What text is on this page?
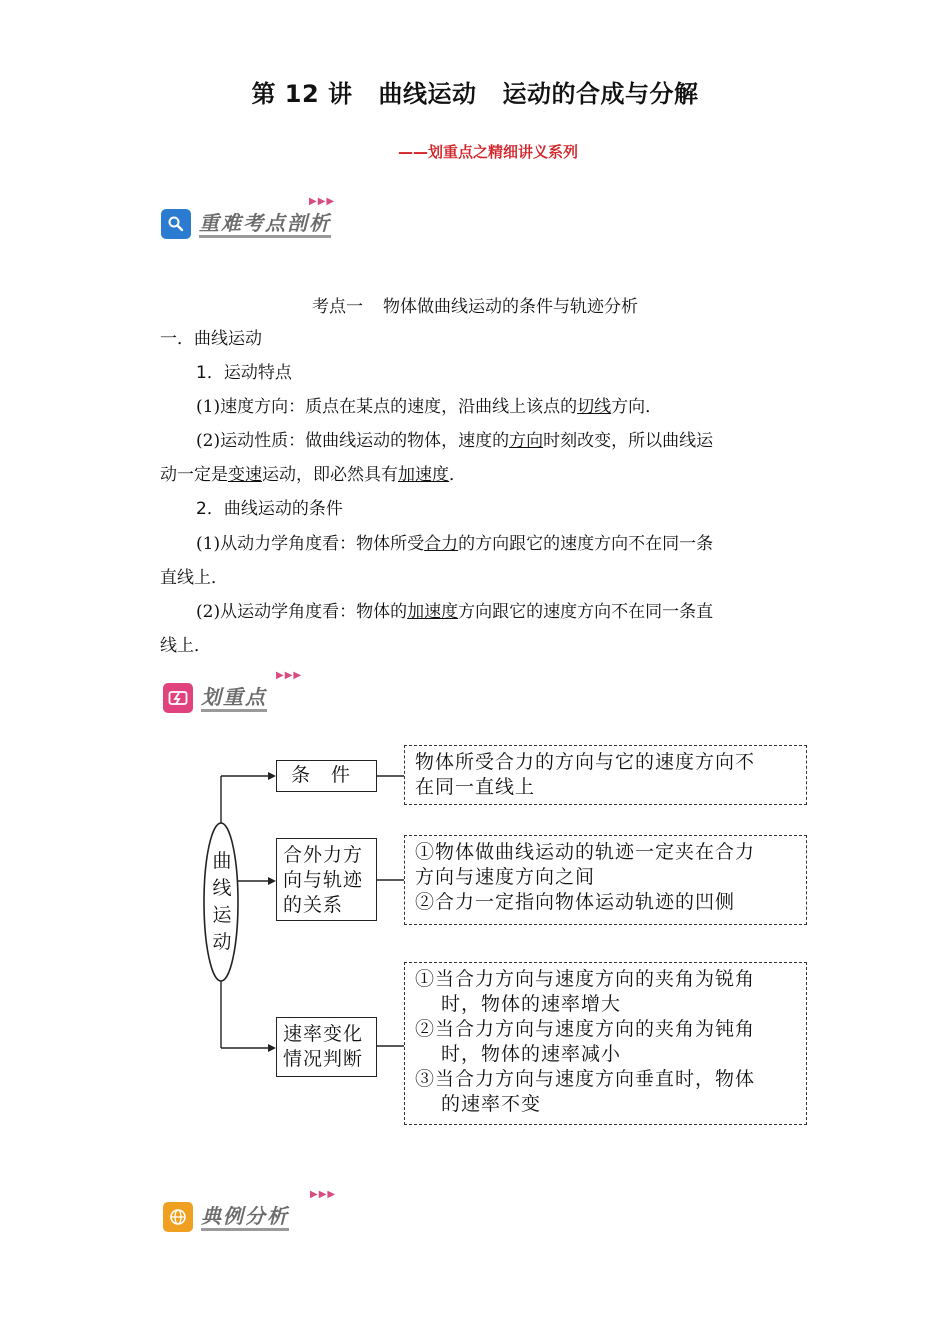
第 12 讲 曲线运动 运动的合成与分解
——划重点之精细讲义系列
重难考点剖析
▶▶▶
考点一 物体做曲线运动的条件与轨迹分析
一．曲线运动
1．运动特点
(1)速度方向：质点在某点的速度，沿曲线上该点的切线方向．
(2)运动性质：做曲线运动的物体，速度的方向时刻改变，所以曲线运
动一定是变速运动，即必然具有加速度．
2．曲线运动的条件
(1)从动力学角度看：物体所受合力的方向跟它的速度方向不在同一条
直线上．
(2)从运动学角度看：物体的加速度方向跟它的速度方向不在同一条直
线上．
划重点
▶▶▶
曲线运动
条　件
合外力方向与轨迹的关系
速率变化情况判断
物体所受合力的方向与它的速度方向不
在同一直线上
①物体做曲线运动的轨迹一定夹在合力
方向与速度方向之间
②合力一定指向物体运动轨迹的凹侧
①当合力方向与速度方向的夹角为锐角
时，物体的速率增大
②当合力方向与速度方向的夹角为钝角
时，物体的速率减小
③当合力方向与速度方向垂直时，物体
的速率不变
典例分析
▶▶▶
